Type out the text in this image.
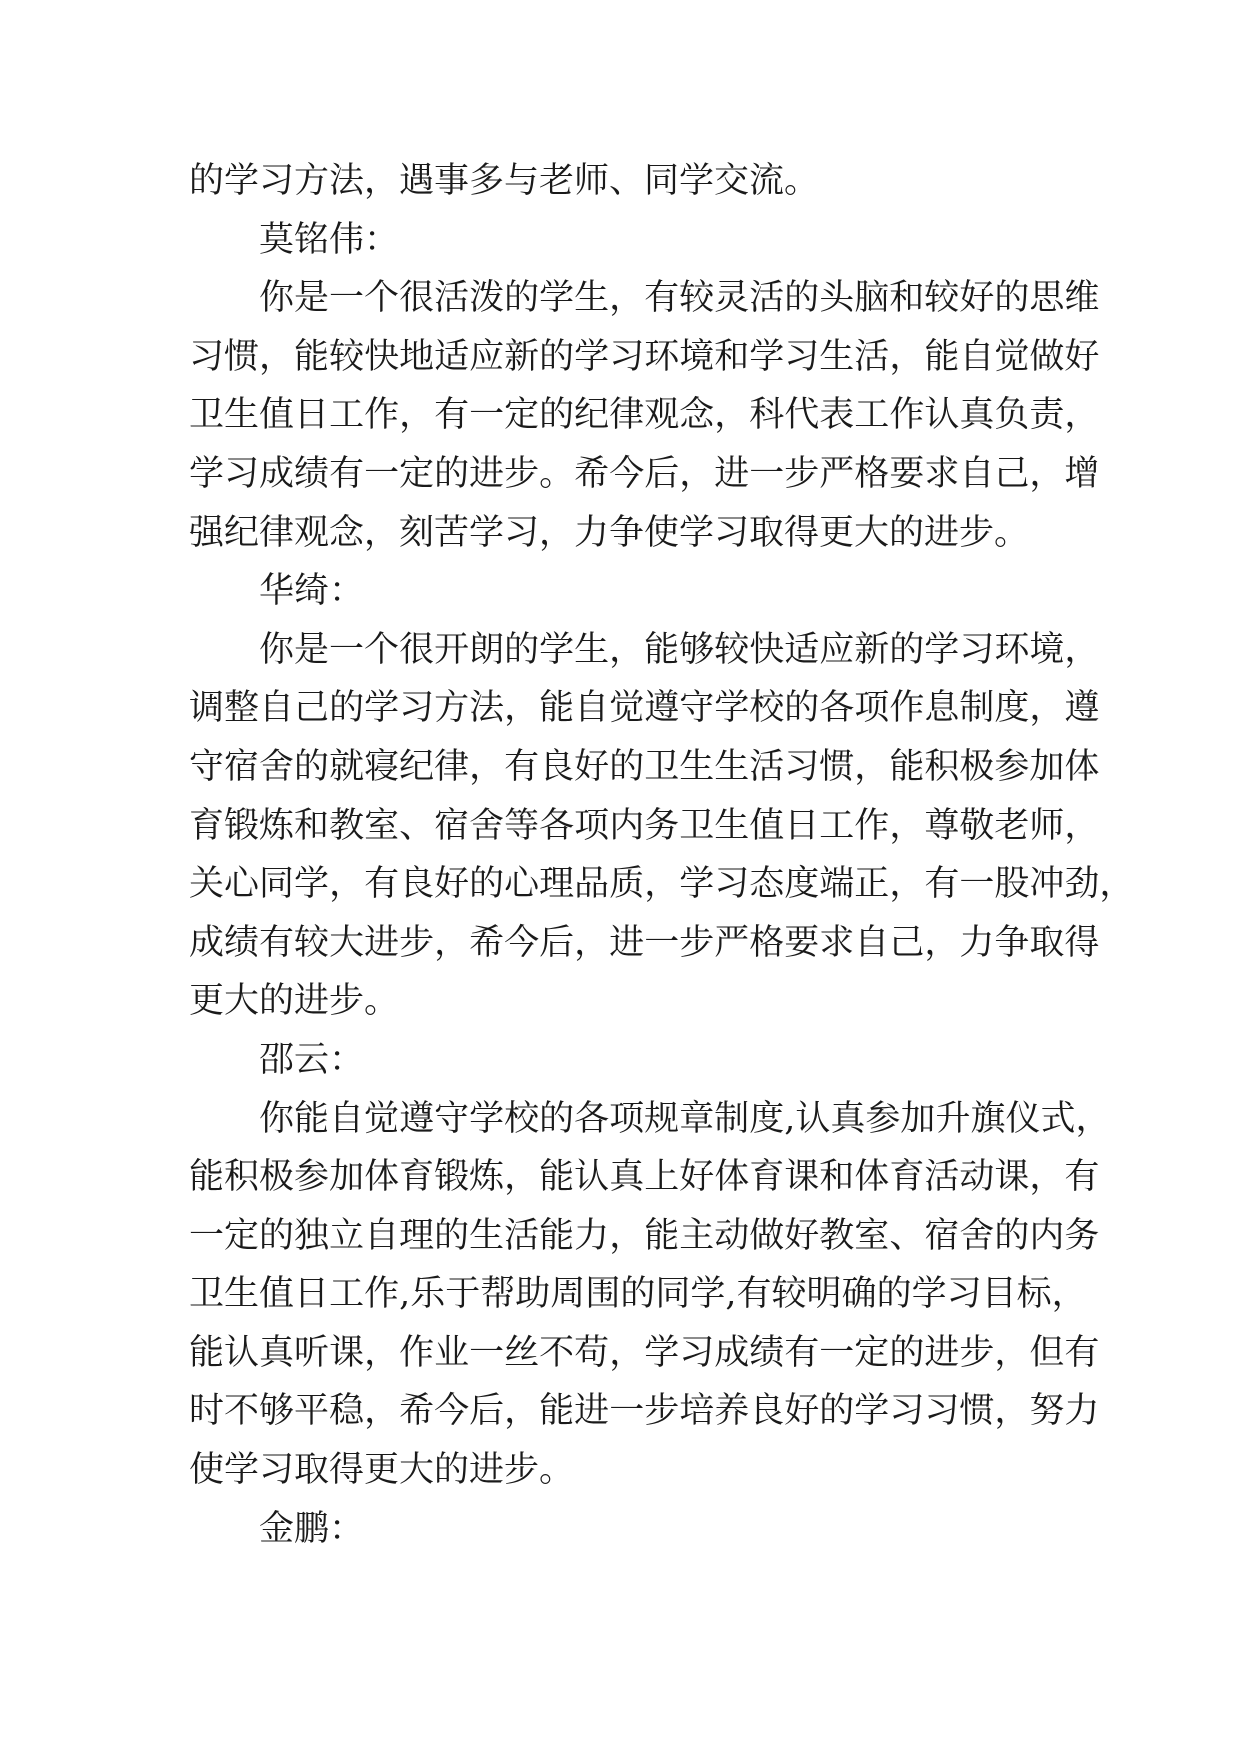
的学习方法，遇事多与老师、同学交流。
莫铭伟：
你 是 一 个 很 活 泼 的 学 生 ， 有 较 灵 活 的 头 脑 和 较 好 的 思 维
习 惯 ， 能 较 快 地 适 应 新 的 学 习 环 境 和 学 习 生 活 ， 能 自 觉 做 好
卫 生 值 日 工 作 ， 有 一 定 的 纪 律 观 念 ， 科 代 表 工 作 认 真 负 责 ，
学 习 成 绩 有 一 定 的 进 步 。 希 今 后 ， 进 一 步 严 格 要 求 自 己 ， 增
强纪律观念，刻苦学习，力争使学习取得更大的进步。
华绮：
你 是 一 个 很 开 朗 的 学 生 ， 能 够 较 快 适 应 新 的 学 习 环 境 ，
调 整 自 己 的 学 习 方 法 ， 能 自 觉 遵 守 学 校 的 各 项 作 息 制 度 ， 遵
守 宿 舍 的 就 寝 纪 律 ， 有 良 好 的 卫 生 生 活 习 惯 ， 能 积 极 参 加 体
育 锻 炼 和 教 室 、 宿 舍 等 各 项 内 务 卫 生 值 日 工 作 ， 尊 敬 老 师 ，
关 心 同 学 ， 有 良 好 的 心 理 品 质 ， 学 习 态 度 端 正 ， 有 一 股 冲 劲 ，
成 绩 有 较 大 进 步 ， 希 今 后 ， 进 一 步 严 格 要 求 自 己 ， 力 争 取 得
更大的进步。
邵云：
你 能 自 觉 遵 守 学 校 的 各 项 规 章 制 度 , 认 真 参 加 升 旗 仪 式 ，
能 积 极 参 加 体 育 锻 炼 ， 能 认 真 上 好 体 育 课 和 体 育 活 动 课 ， 有
一 定 的 独 立 自 理 的 生 活 能 力 ， 能 主 动 做 好 教 室 、 宿 舍 的 内 务
卫 生 值 日 工 作 , 乐 于 帮 助 周 围 的 同 学 , 有 较 明 确 的 学 习 目 标 ，
能 认 真 听 课 ， 作 业 一 丝 不 苟 ， 学 习 成 绩 有 一 定 的 进 步 ， 但 有
时 不 够 平 稳 ， 希 今 后 ， 能 进 一 步 培 养 良 好 的 学 习 习 惯 ， 努 力
使学习取得更大的进步。
金鹏：
